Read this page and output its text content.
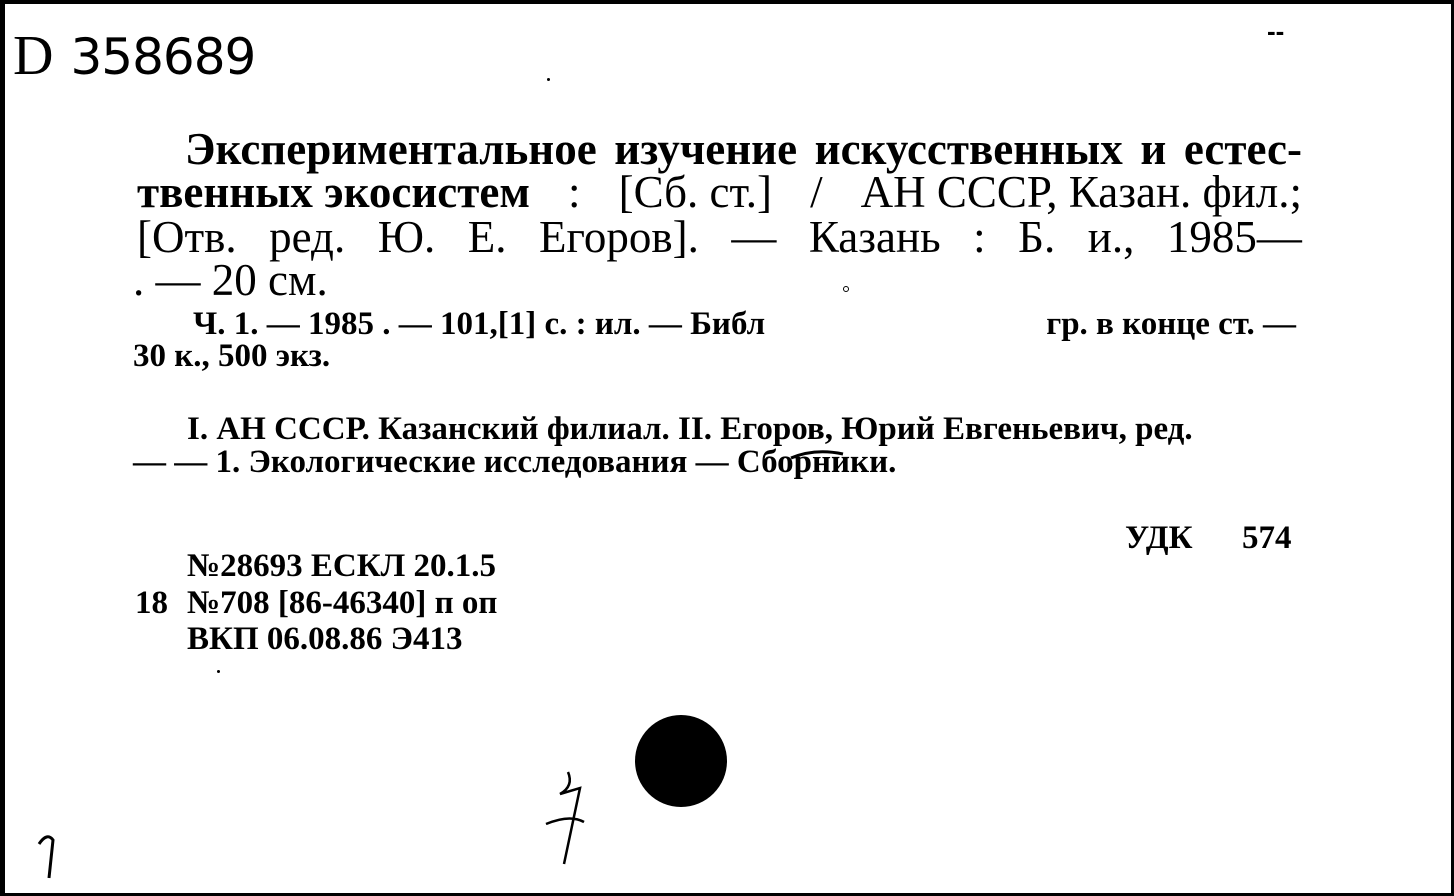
D 358689	--
Экспериментальное изучение искусственных и естес-
твенных экосистем : [Сб. ст.] / АН СССР, Казан. фил.;
[Отв. ред. Ю. Е. Егоров]. — Казань : Б. и., 1985—
. — 20 см.
Ч. 1. — 1985 . — 101,[1] с. : ил. — Библ	гр. в конце ст. —
30 к., 500 экз.
I. АН СССР. Казанский филиал. II. Егоров, Юрий Евгеньевич, ред.
— — 1. Экологические исследования — Сборники.
УДК 574
№28693 ЕСКЛ 20.1.5
18 №708 [86-46340] п оп
ВКП 06.08.86 Э413
